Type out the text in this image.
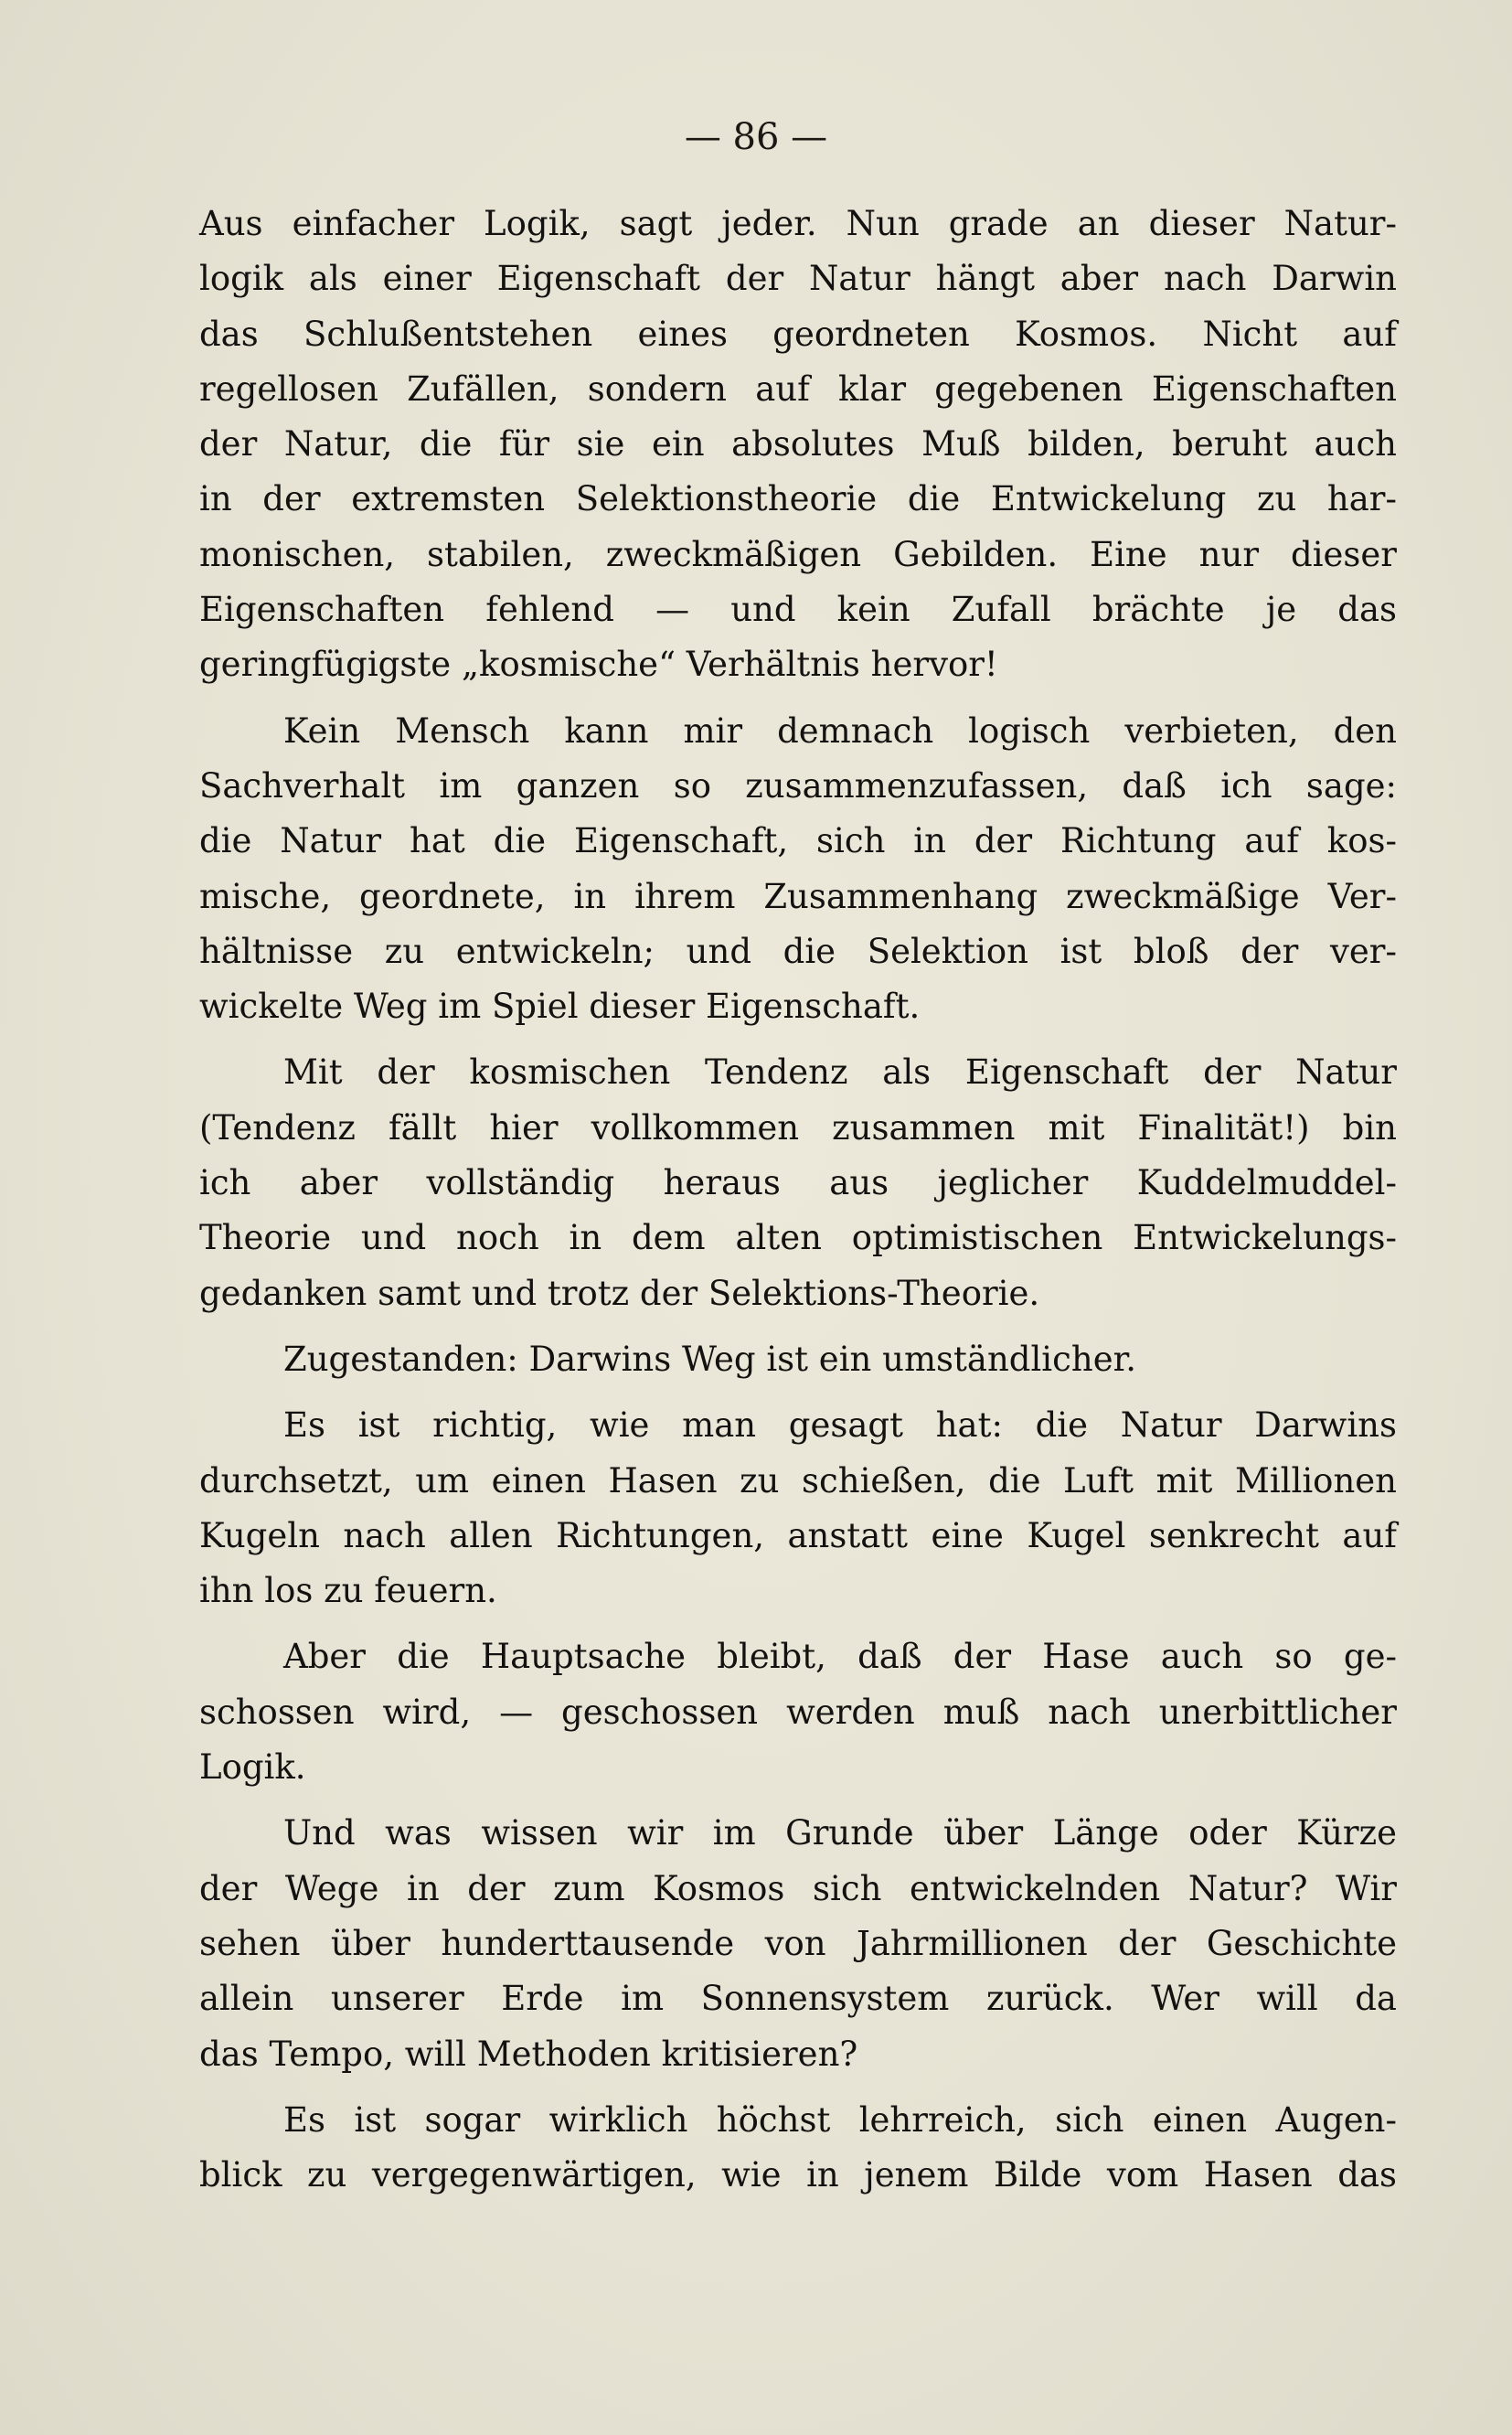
— 86 —
Aus einfacher Logik, sagt jeder. Nun grade an dieser Natur-
logik als einer Eigenschaft der Natur hängt aber nach Darwin
das Schlußentstehen eines geordneten Kosmos. Nicht auf
regellosen Zufällen, sondern auf klar gegebenen Eigenschaften
der Natur, die für sie ein absolutes Muß bilden, beruht auch
in der extremsten Selektionstheorie die Entwickelung zu har-
monischen, stabilen, zweckmäßigen Gebilden. Eine nur dieser
Eigenschaften fehlend — und kein Zufall brächte je das
geringfügigste „kosmische“ Verhältnis hervor!
Kein Mensch kann mir demnach logisch verbieten, den
Sachverhalt im ganzen so zusammenzufassen, daß ich sage:
die Natur hat die Eigenschaft, sich in der Richtung auf kos-
mische, geordnete, in ihrem Zusammenhang zweckmäßige Ver-
hältnisse zu entwickeln; und die Selektion ist bloß der ver-
wickelte Weg im Spiel dieser Eigenschaft.
Mit der kosmischen Tendenz als Eigenschaft der Natur
(Tendenz fällt hier vollkommen zusammen mit Finalität!) bin
ich aber vollständig heraus aus jeglicher Kuddelmuddel-
Theorie und noch in dem alten optimistischen Entwickelungs-
gedanken samt und trotz der Selektions-Theorie.
Zugestanden: Darwins Weg ist ein umständlicher.
Es ist richtig, wie man gesagt hat: die Natur Darwins
durchsetzt, um einen Hasen zu schießen, die Luft mit Millionen
Kugeln nach allen Richtungen, anstatt eine Kugel senkrecht auf
ihn los zu feuern.
Aber die Hauptsache bleibt, daß der Hase auch so ge-
schossen wird, — geschossen werden muß nach unerbittlicher
Logik.
Und was wissen wir im Grunde über Länge oder Kürze
der Wege in der zum Kosmos sich entwickelnden Natur? Wir
sehen über hunderttausende von Jahrmillionen der Geschichte
allein unserer Erde im Sonnensystem zurück. Wer will da
das Tempo, will Methoden kritisieren?
Es ist sogar wirklich höchst lehrreich, sich einen Augen-
blick zu vergegenwärtigen, wie in jenem Bilde vom Hasen das
